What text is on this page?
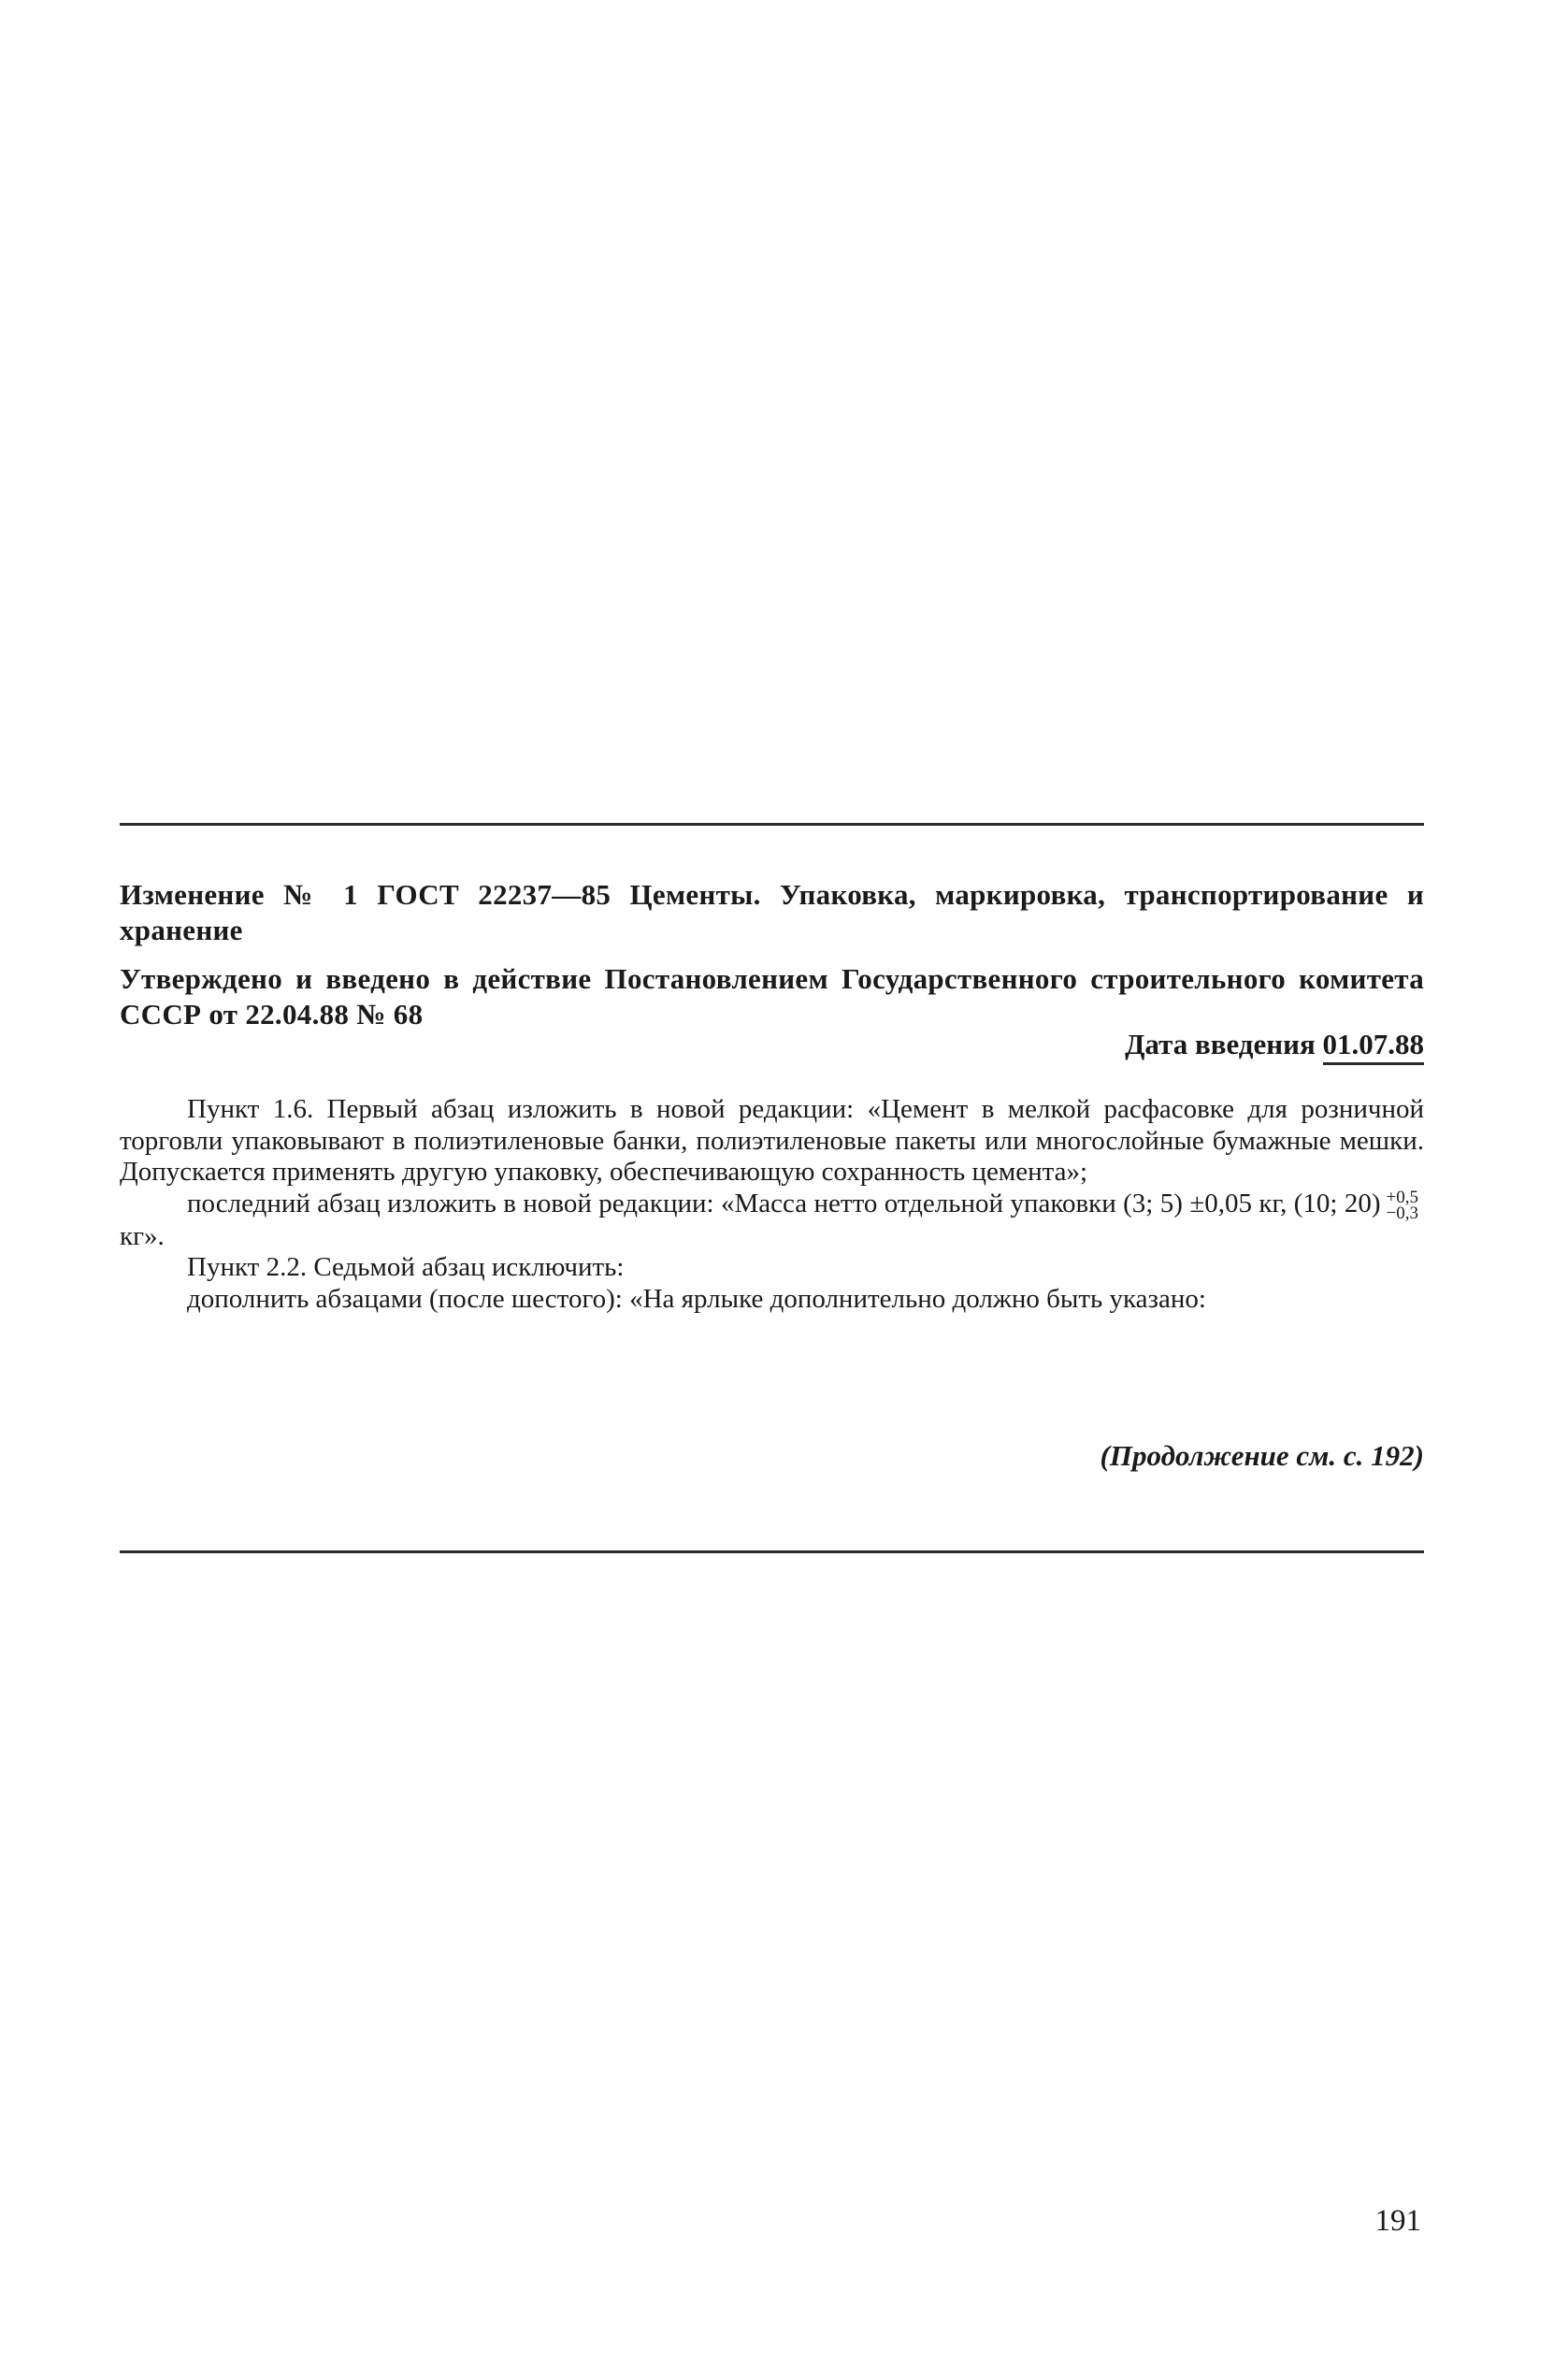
Изменение № 1 ГОСТ 22237—85 Цементы. Упаковка, маркировка, транспортирование и хранение
Утверждено и введено в действие Постановлением Государственного строительного комитета СССР от 22.04.88 № 68
Дата введения 01.07.88

Пункт 1.6. Первый абзац изложить в новой редакции: «Цемент в мелкой расфасовке для розничной торговли упаковывают в полиэтиленовые банки, полиэтиленовые пакеты или многослойные бумажные мешки. Допускается применять другую упаковку, обеспечивающую сохранность цемента»;

последний абзац изложить в новой редакции: «Масса нетто отдельной упаковки (3; 5) ±0,05 кг, (10; 20) +0,5
−0,3
кг».

Пункт 2.2. Седьмой абзац исключить:

дополнить абзацами (после шестого): «На ярлыке дополнительно должно быть указано:

(Продолжение см. с. 192)
191
